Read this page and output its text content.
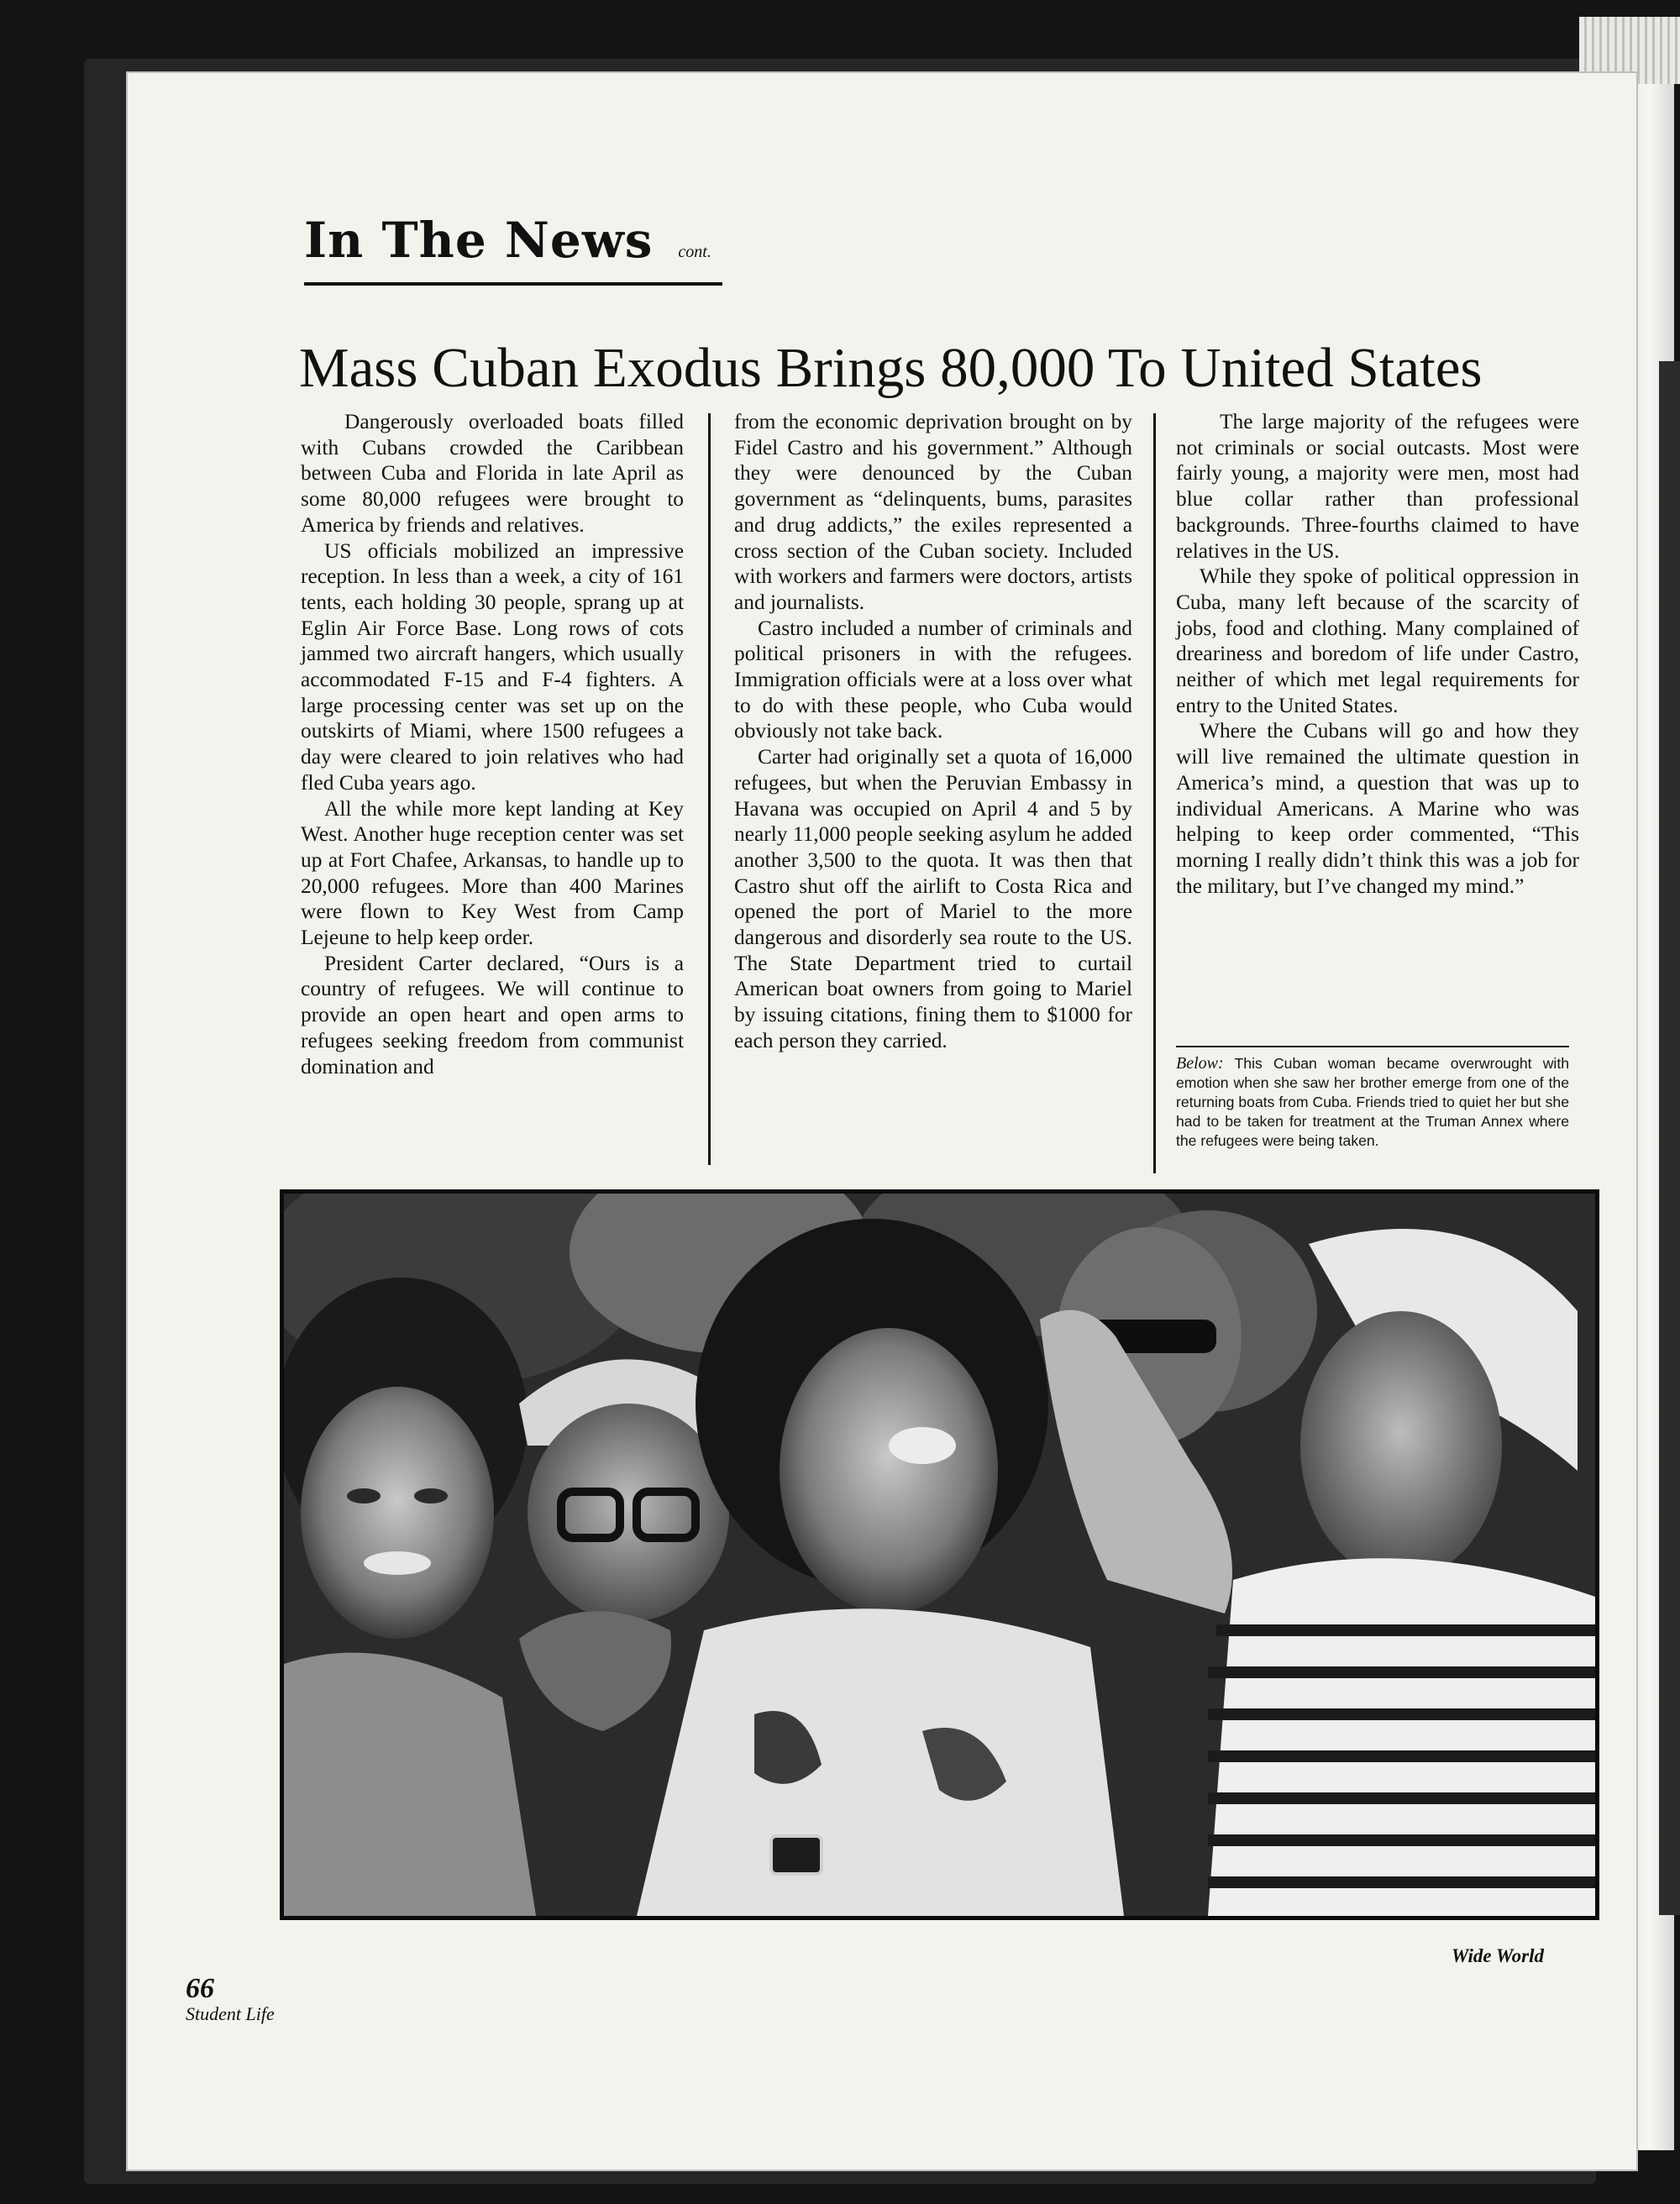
In The News cont.
Mass Cuban Exodus Brings 80,000 To United States

Dangerously overloaded boats filled with Cubans crowded the Caribbean between Cuba and Florida in late April as some 80,000 refugees were brought to America by friends and relatives.

US officials mobilized an impressive reception. In less than a week, a city of 161 tents, each holding 30 people, sprang up at Eglin Air Force Base. Long rows of cots jammed two aircraft hangers, which usually accommodated F-15 and F-4 fighters. A large processing center was set up on the outskirts of Miami, where 1500 refugees a day were cleared to join relatives who had fled Cuba years ago.

All the while more kept landing at Key West. Another huge reception center was set up at Fort Chafee, Arkansas, to handle up to 20,000 refugees. More than 400 Marines were flown to Key West from Camp Lejeune to help keep order.

President Carter declared, “Ours is a country of refugees. We will continue to provide an open heart and open arms to refugees seeking freedom from communist domination and

from the economic deprivation brought on by Fidel Castro and his government.” Although they were denounced by the Cuban government as “delinquents, bums, parasites and drug addicts,” the exiles represented a cross section of the Cuban society. Included with workers and farmers were doctors, artists and journalists.

Castro included a number of criminals and political prisoners in with the refugees. Immigration officials were at a loss over what to do with these people, who Cuba would obviously not take back.

Carter had originally set a quota of 16,000 refugees, but when the Peruvian Embassy in Havana was occupied on April 4 and 5 by nearly 11,000 people seeking asylum he added another 3,500 to the quota. It was then that Castro shut off the airlift to Costa Rica and opened the port of Mariel to the more dangerous and disorderly sea route to the US. The State Department tried to curtail American boat owners from going to Mariel by issuing citations, fining them to $1000 for each person they carried.

The large majority of the refugees were not criminals or social outcasts. Most were fairly young, a majority were men, most had blue collar rather than professional backgrounds. Three-fourths claimed to have relatives in the US.

While they spoke of political oppression in Cuba, many left because of the scarcity of jobs, food and clothing. Many complained of dreariness and boredom of life under Castro, neither of which met legal requirements for entry to the United States.

Where the Cubans will go and how they will live remained the ultimate question in America’s mind, a question that was up to individual Americans. A Marine who was helping to keep order commented, “This morning I really didn’t think this was a job for the military, but I’ve changed my mind.”

Below: This Cuban woman became overwrought with emotion when she saw her brother emerge from one of the returning boats from Cuba. Friends tried to quiet her but she had to be taken for treatment at the Truman Annex where the refugees were being taken.
Wide World
66
Student Life
